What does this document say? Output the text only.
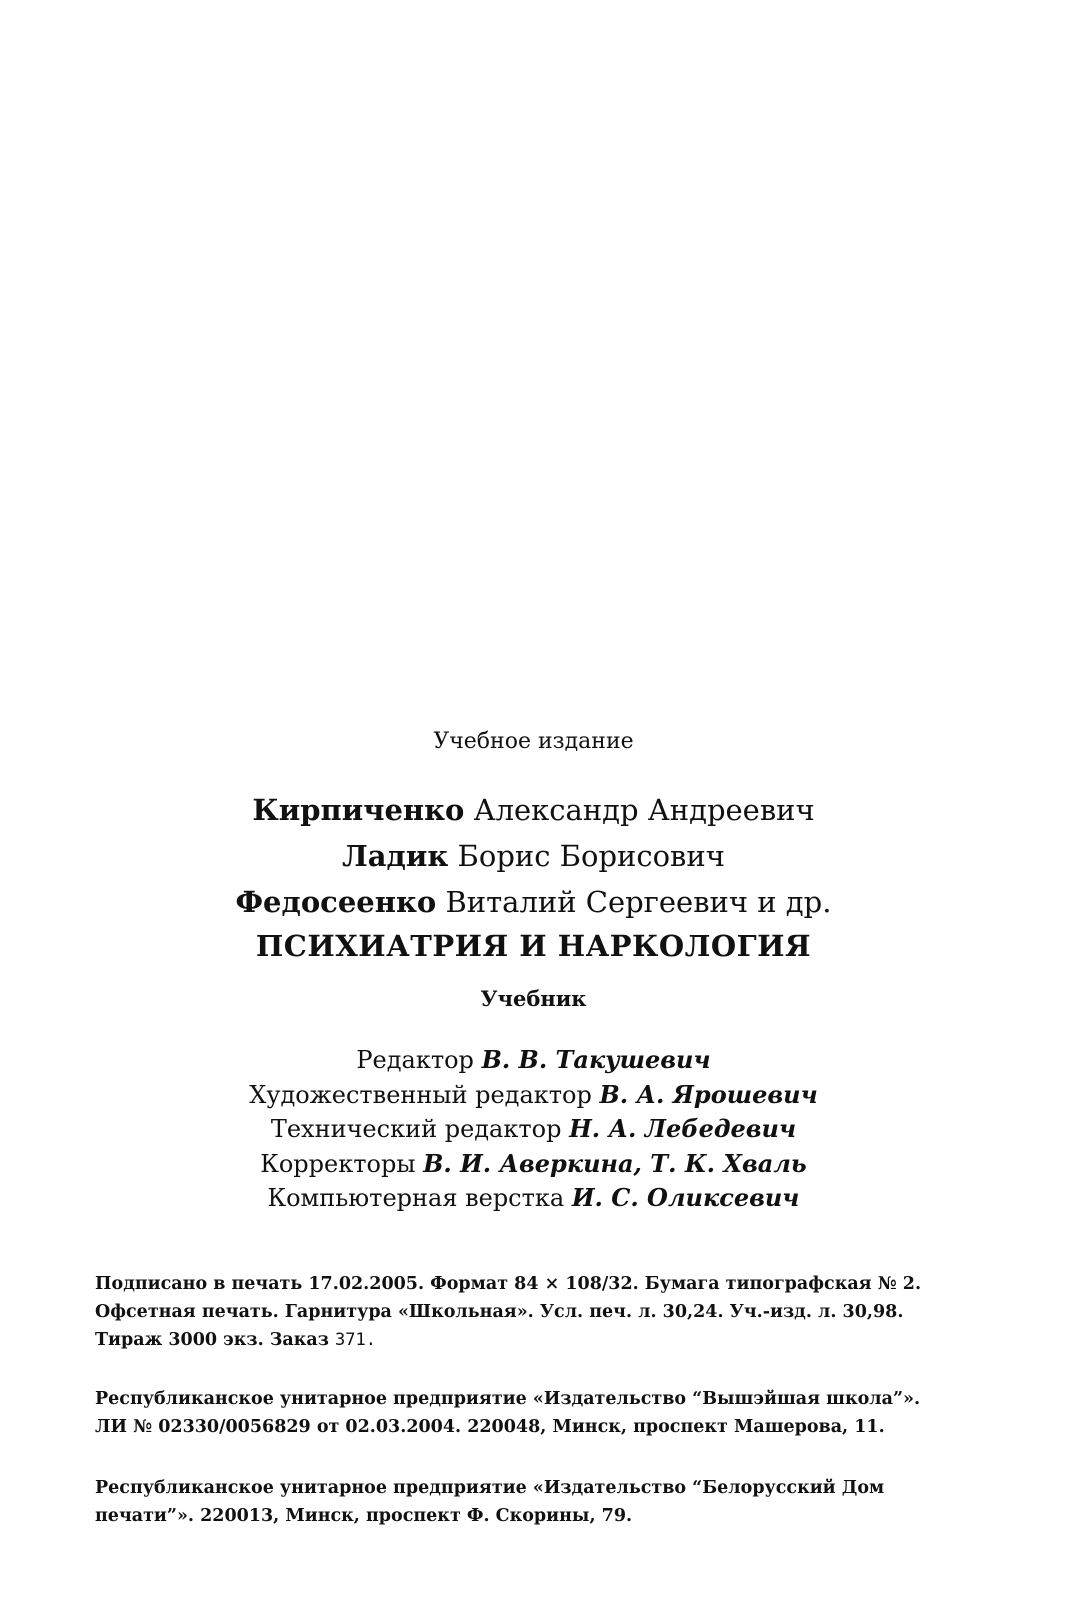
Учебное издание
Кирпиченко Александр Андреевич
Ладик Борис Борисович
Федосеенко Виталий Сергеевич и др.
ПСИХИАТРИЯ И НАРКОЛОГИЯ
Учебник
Редактор В. В. Такушевич
Художественный редактор В. А. Ярошевич
Технический редактор Н. А. Лебедевич
Корректоры В. И. Аверкина, Т. К. Хваль
Компьютерная верстка И. С. Оликсевич
Подписано в печать 17.02.2005. Формат 84 × 108/32. Бумага типографская № 2.
Офсетная печать. Гарнитура «Школьная». Усл. печ. л. 30,24. Уч.-изд. л. 30,98.
Тираж 3000 экз. Заказ 371.
Республиканское унитарное предприятие «Издательство “Вышэйшая школа”».
ЛИ № 02330/0056829 от 02.03.2004. 220048, Минск, проспект Машерова, 11.
Республиканское унитарное предприятие «Издательство “Белорусский Дом
печати”». 220013, Минск, проспект Ф. Скорины, 79.
